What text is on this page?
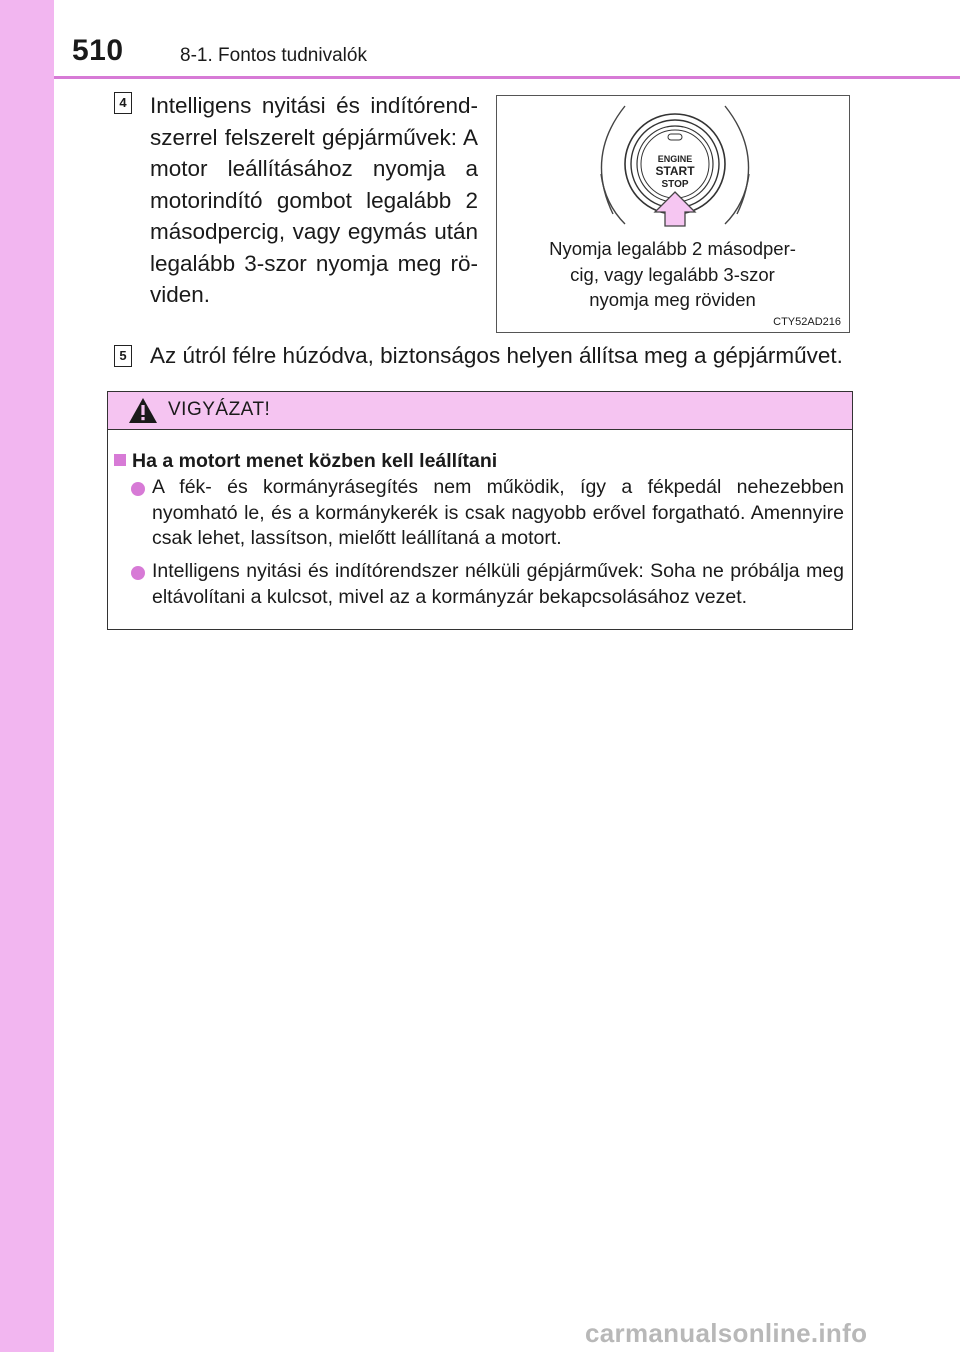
510	8-1. Fontos tudnivalók
4 Intelligens nyitási és indítórendszerrel felszerelt gépjárművek: A motor leállításához nyomja a motorindító gombot legalább 2 másodpercig, vagy egymás után legalább 3-szor nyomja meg röviden.
ENGINE
START
STOP
Nyomja legalább 2 másodper-
cig, vagy legalább 3-szor
nyomja meg röviden
CTY52AD216
5 Az útról félre húzódva, biztonságos helyen állítsa meg a gépjárművet.
VIGYÁZAT!
Ha a motort menet közben kell leállítani
A fék- és kormányrásegítés nem működik, így a fékpedál nehezebben nyomható le, és a kormánykerék is csak nagyobb erővel forgatható. Amennyire csak lehet, lassítson, mielőtt leállítaná a motort.
Intelligens nyitási és indítórendszer nélküli gépjárművek: Soha ne próbálja meg eltávolítani a kulcsot, mivel az a kormányzár bekapcsolásához vezet.
carmanualsonline.info
